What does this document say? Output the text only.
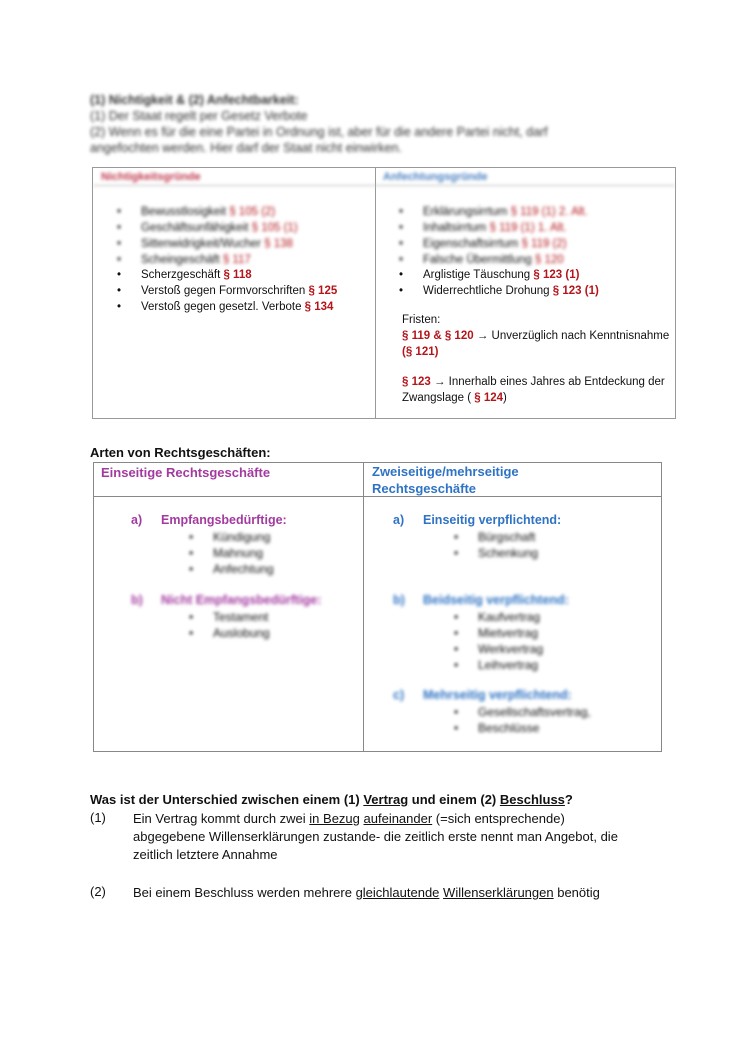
(1) Nichtigkeit & (2) Anfechtbarkeit:
(1) Der Staat regelt per Gesetz Verbote
(2) Wenn es für die eine Partei in Ordnung ist, aber für die andere Partei nicht, darf
angefochten werden. Hier darf der Staat nicht einwirken.
Nichtigkeitsgründe	Anfechtungsgründe
• Bewusstlosigkeit § 105 (2)
• Geschäftsunfähigkeit § 105 (1)
• Sittenwidrigkeit/Wucher § 138
• Scheingeschäft § 117
• Scherzgeschäft § 118
• Verstoß gegen Formvorschriften § 125
• Verstoß gegen gesetzl. Verbote § 134
• Erklärungsirrtum § 119 (1) 2. Alt.
• Inhaltsirrtum § 119 (1) 1. Alt.
• Eigenschaftsirrtum § 119 (2)
• Falsche Übermittlung § 120
• Arglistige Täuschung § 123 (1)
• Widerrechtliche Drohung § 123 (1)
Fristen:
§ 119 & § 120 → Unverzüglich nach Kenntnisnahme
(§ 121)
§ 123 → Innerhalb eines Jahres ab Entdeckung der
Zwangslage ( § 124)
Arten von Rechtsgeschäften:
Einseitige Rechtsgeschäfte	Zweiseitige/mehrseitige
Rechtsgeschäfte
a) Empfangsbedürftige:
• Kündigung
• Mahnung
• Anfechtung
b) Nicht Empfangsbedürftige:
• Testament
• Auslobung
a) Einseitig verpflichtend:
• Bürgschaft
• Schenkung
b) Beidseitig verpflichtend:
• Kaufvertrag
• Mietvertrag
• Werkvertrag
• Leihvertrag
c) Mehrseitig verpflichtend:
• Gesellschaftsvertrag,
• Beschlüsse
Was ist der Unterschied zwischen einem (1) Vertrag und einem (2) Beschluss?
(1) Ein Vertrag kommt durch zwei in Bezug aufeinander (=sich entsprechende)
abgegebene Willenserklärungen zustande- die zeitlich erste nennt man Angebot, die
zeitlich letztere Annahme
(2) Bei einem Beschluss werden mehrere gleichlautende Willenserklärungen benötig
